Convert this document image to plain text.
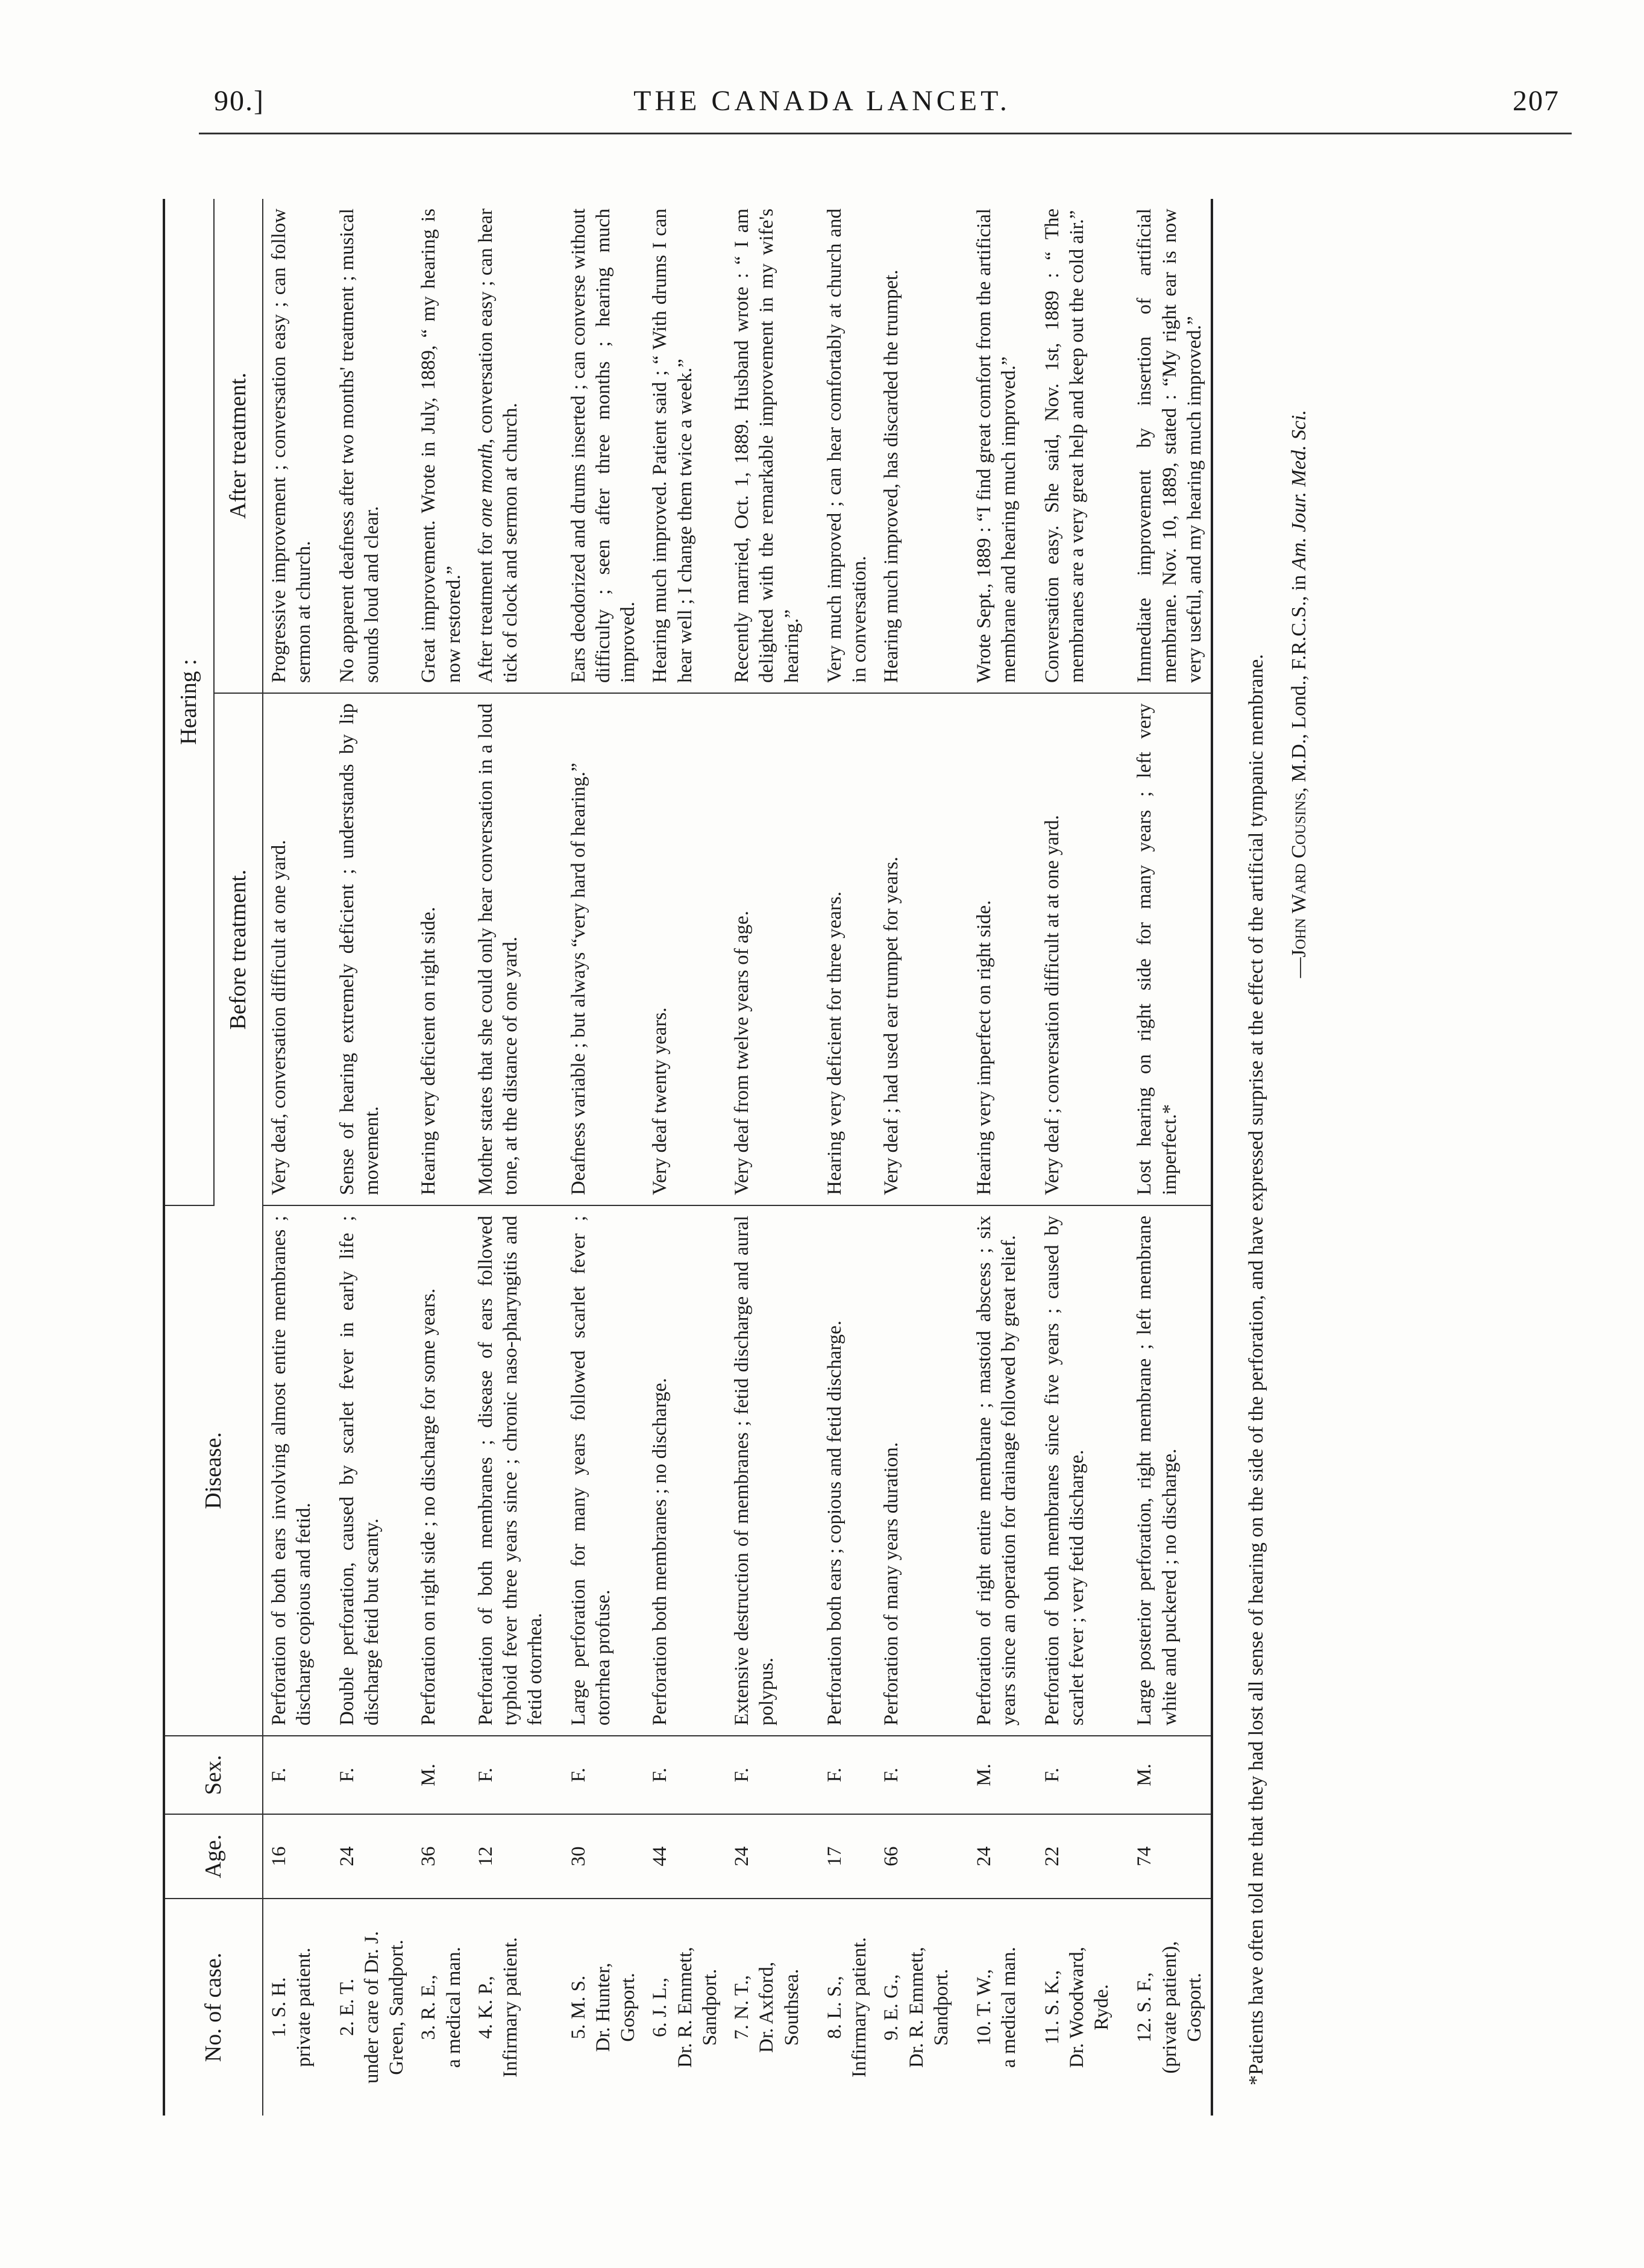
90.]	THE CANADA LANCET.	207
No. of case.	Age.	Sex.	Disease.	Hearing :	
				Before treatment.	After treatment.

1. S. H. private patient.	16	F.	Perforation of both ears involving almost entire membranes ; discharge copious and fetid.	Very deaf, conversation difficult at one yard.	Progressive improvement ; conversation easy ; can follow sermon at church.

2. E. T. under care of Dr. J. Green, Sandport.	24	F.	Double perforation, caused by scarlet fever in early life ; discharge fetid but scanty.	Sense of hearing extremely deficient ; understands by lip movement.	No apparent deafness after two months' treatment ; musical sounds loud and clear.

3. R. E., a medical man.	36	M.	Perforation on right side ; no discharge for some years.	Hearing very deficient on right side.	Great improvement. Wrote in July, 1889, “ my hearing is now restored.”

4. K. P., Infirmary patient.	12	F.	Perforation of both membranes ; disease of ears followed typhoid fever three years since ; chronic naso-pharyngitis and fetid otorrhea.	Mother states that she could only hear conversation in a loud tone, at the distance of one yard.	After treatment for one month, conversation easy ; can hear tick of clock and sermon at church.

5. M. S. Dr. Hunter, Gosport.	30	F.	Large perforation for many years followed scarlet fever ; otorrhea profuse.	Deafness variable ; but always “very hard of hearing.”	Ears deodorized and drums inserted ; can converse without difficulty ; seen after three months ; hearing much improved.

6. J. L., Dr. R. Emmett, Sandport.	44	F.	Perforation both membranes ; no discharge.	Very deaf twenty years.	Hearing much improved. Patient said ; “ With drums I can hear well ; I change them twice a week.”

7. N. T., Dr. Axford, Southsea.	24	F.	Extensive destruction of membranes ; fetid discharge and aural polypus.	Very deaf from twelve years of age.	Recently married, Oct. 1, 1889. Husband wrote : “ I am delighted with the remarkable improvement in my wife's hearing.”

8. L. S., Infirmary patient.	17	F.	Perforation both ears ; copious and fetid discharge.	Hearing very deficient for three years.	Very much improved ; can hear comfortably at church and in conversation.

9. E. G., Dr. R. Emmett, Sandport.	66	F.	Perforation of many years duration.	Very deaf ; had used ear trumpet for years.	Hearing much improved, has discarded the trumpet.

10. T. W., a medical man.	24	M.	Perforation of right entire membrane ; mastoid abscess ; six years since an operation for drainage followed by great relief.	Hearing very imperfect on right side.	Wrote Sept., 1889 : “I find great comfort from the artificial membrane and hearing much improved.”

11. S. K., Dr. Woodward, Ryde.	22	F.	Perforation of both membranes since five years ; caused by scarlet fever ; very fetid discharge.	Very deaf ; conversation difficult at at one yard.	Conversation easy. She said, Nov. 1st, 1889 : “ The membranes are a very great help and keep out the cold air.”

12. S. F., (private patient), Gosport.	74	M.	Large posterior perforation, right membrane ; left membrane white and puckered ; no discharge.	Lost hearing on right side for many years ; left very imperfect.*	Immediate improvement by insertion of artificial membrane. Nov. 10, 1889, stated : “My right ear is now very useful, and my hearing much improved.”

*Patients have often told me that they had lost all sense of hearing on the side of the perforation, and have expressed surprise at the effect of the artificial tympanic membrane. —John Ward Cousins, M.D., Lond., F.R.C.S., in Am. Jour. Med. Sci.
